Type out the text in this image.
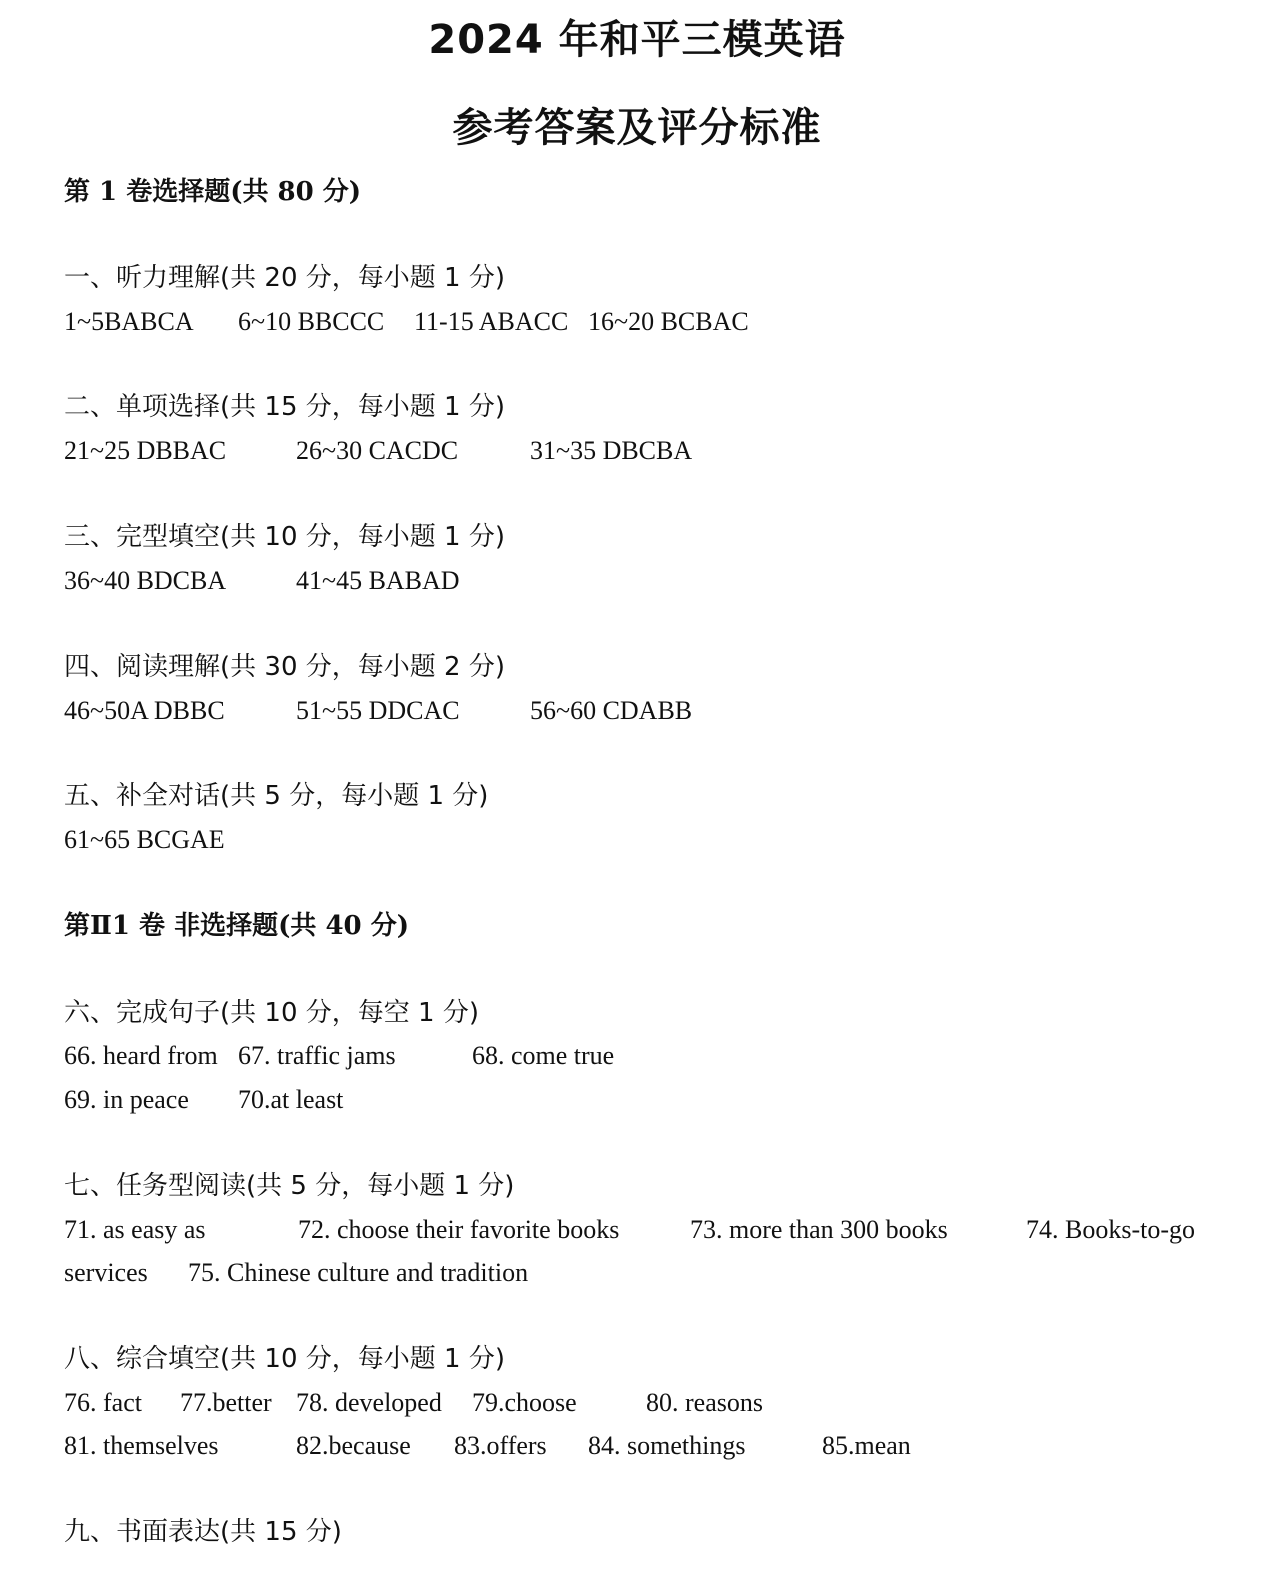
2024 年和平三模英语
参考答案及评分标准
第 1 卷选择题(共 80 分)
一、听力理解(共 20 分，每小题 1 分)
1~5BABCA 6~10 BBCCC 11-15 ABACC 16~20 BCBAC
二、单项选择(共 15 分，每小题 1 分)
21~25 DBBAC	26~30 CACDC	31~35 DBCBA
三、完型填空(共 10 分，每小题 1 分)
36~40 BDCBA	41~45 BABAD
四、阅读理解(共 30 分，每小题 2 分)
46~50A DBBC	51~55 DDCAC	56~60 CDABB
五、补全对话(共 5 分，每小题 1 分)
61~65 BCGAE
第Ⅱ1 卷 非选择题(共 40 分)
六、完成句子(共 10 分，每空 1 分)
66. heard from 67. traffic jams	68. come true
69. in peace 70.at least
七、任务型阅读(共 5 分，每小题 1 分)
71. as easy as	72. choose their favorite books	73. more than 300 books	74. Books-to-go
services 75. Chinese culture and tradition
八、综合填空(共 10 分，每小题 1 分)
76. fact 77.better 78. developed 79.choose	80. reasons
81. themselves	82.because 83.offers 84. somethings	85.mean
九、书面表达(共 15 分)
